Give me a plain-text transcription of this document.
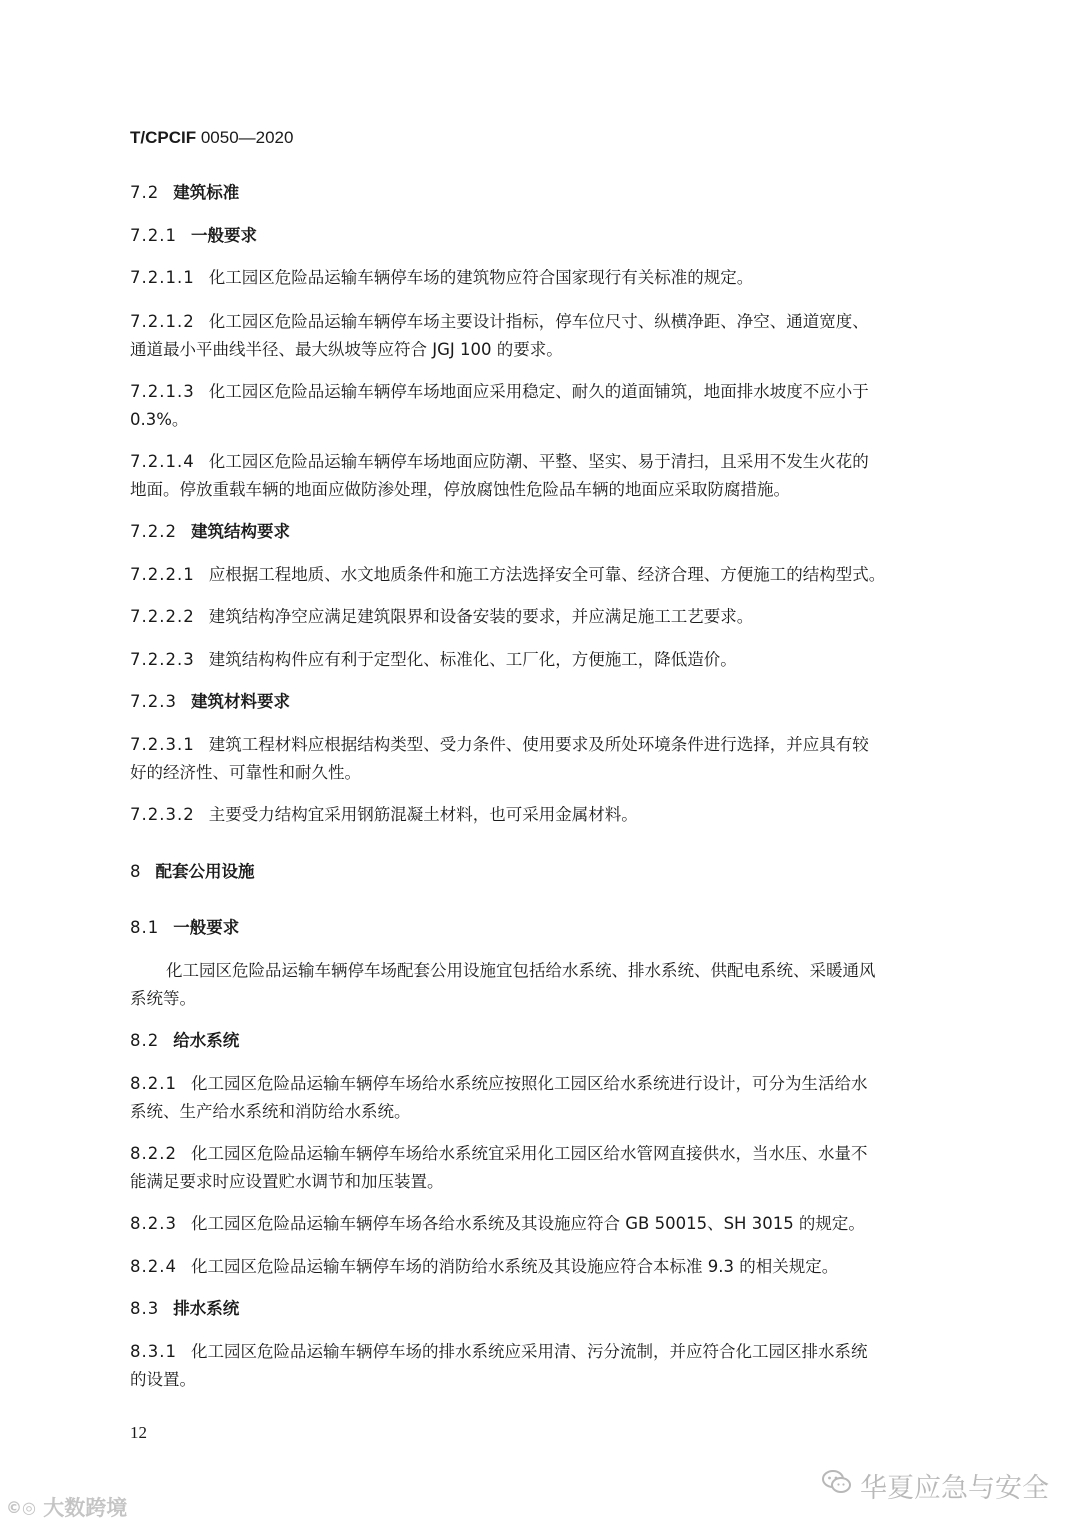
T/CPCIF 0050—2020
7.2 建筑标准
7.2.1 一般要求
7.2.1.1 化工园区危险品运输车辆停车场的建筑物应符合国家现行有关标准的规定。
7.2.1.2 化工园区危险品运输车辆停车场主要设计指标，停车位尺寸、纵横净距、净空、通道宽度、
通道最小平曲线半径、最大纵坡等应符合 JGJ 100 的要求。
7.2.1.3 化工园区危险品运输车辆停车场地面应采用稳定、耐久的道面铺筑，地面排水坡度不应小于
0.3%。
7.2.1.4 化工园区危险品运输车辆停车场地面应防潮、平整、坚实、易于清扫，且采用不发生火花的
地面。停放重载车辆的地面应做防渗处理，停放腐蚀性危险品车辆的地面应采取防腐措施。
7.2.2 建筑结构要求
7.2.2.1 应根据工程地质、水文地质条件和施工方法选择安全可靠、经济合理、方便施工的结构型式。
7.2.2.2 建筑结构净空应满足建筑限界和设备安装的要求，并应满足施工工艺要求。
7.2.2.3 建筑结构构件应有利于定型化、标准化、工厂化，方便施工，降低造价。
7.2.3 建筑材料要求
7.2.3.1 建筑工程材料应根据结构类型、受力条件、使用要求及所处环境条件进行选择，并应具有较
好的经济性、可靠性和耐久性。
7.2.3.2 主要受力结构宜采用钢筋混凝土材料，也可采用金属材料。
8 配套公用设施
8.1 一般要求
化工园区危险品运输车辆停车场配套公用设施宜包括给水系统、排水系统、供配电系统、采暖通风
系统等。
8.2 给水系统
8.2.1 化工园区危险品运输车辆停车场给水系统应按照化工园区给水系统进行设计，可分为生活给水
系统、生产给水系统和消防给水系统。
8.2.2 化工园区危险品运输车辆停车场给水系统宜采用化工园区给水管网直接供水，当水压、水量不
能满足要求时应设置贮水调节和加压装置。
8.2.3 化工园区危险品运输车辆停车场各给水系统及其设施应符合 GB 50015、SH 3015 的规定。
8.2.4 化工园区危险品运输车辆停车场的消防给水系统及其设施应符合本标准 9.3 的相关规定。
8.3 排水系统
8.3.1 化工园区危险品运输车辆停车场的排水系统应采用清、污分流制，并应符合化工园区排水系统
的设置。
12
©◎ 大数跨境
华夏应急与安全
